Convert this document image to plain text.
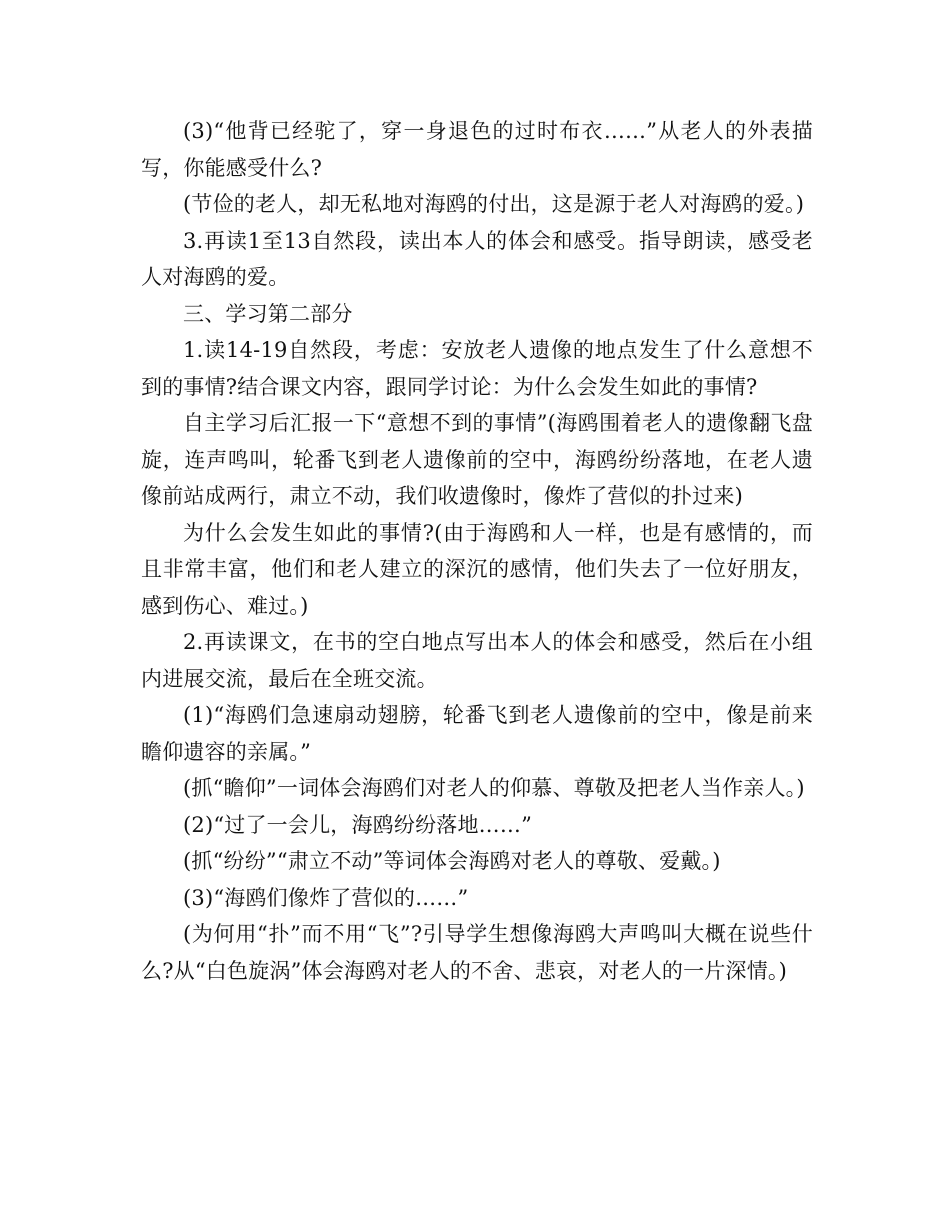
(3)“他背已经驼了，穿一身退色的过时布衣……”从老人的外表描写，你能感受什么?

(节俭的老人，却无私地对海鸥的付出，这是源于老人对海鸥的爱。)

3.再读1至13自然段，读出本人的体会和感受。指导朗读，感受老人对海鸥的爱。

三、学习第二部分

1.读14-19自然段，考虑：安放老人遗像的地点发生了什么意想不到的事情?结合课文内容，跟同学讨论：为什么会发生如此的事情?

自主学习后汇报一下“意想不到的事情”(海鸥围着老人的遗像翻飞盘旋，连声鸣叫，轮番飞到老人遗像前的空中，海鸥纷纷落地，在老人遗像前站成两行，肃立不动，我们收遗像时，像炸了营似的扑过来)

为什么会发生如此的事情?(由于海鸥和人一样，也是有感情的，而且非常丰富，他们和老人建立的深沉的感情，他们失去了一位好朋友，感到伤心、难过。)

2.再读课文，在书的空白地点写出本人的体会和感受，然后在小组内进展交流，最后在全班交流。

(1)“海鸥们急速扇动翅膀，轮番飞到老人遗像前的空中，像是前来瞻仰遗容的亲属。”

(抓“瞻仰”一词体会海鸥们对老人的仰慕、尊敬及把老人当作亲人。)

(2)“过了一会儿，海鸥纷纷落地……”

(抓“纷纷”“肃立不动”等词体会海鸥对老人的尊敬、爱戴。)

(3)“海鸥们像炸了营似的……”

(为何用“扑”而不用“飞”?引导学生想像海鸥大声鸣叫大概在说些什么?从“白色旋涡”体会海鸥对老人的不舍、悲哀，对老人的一片深情。)
